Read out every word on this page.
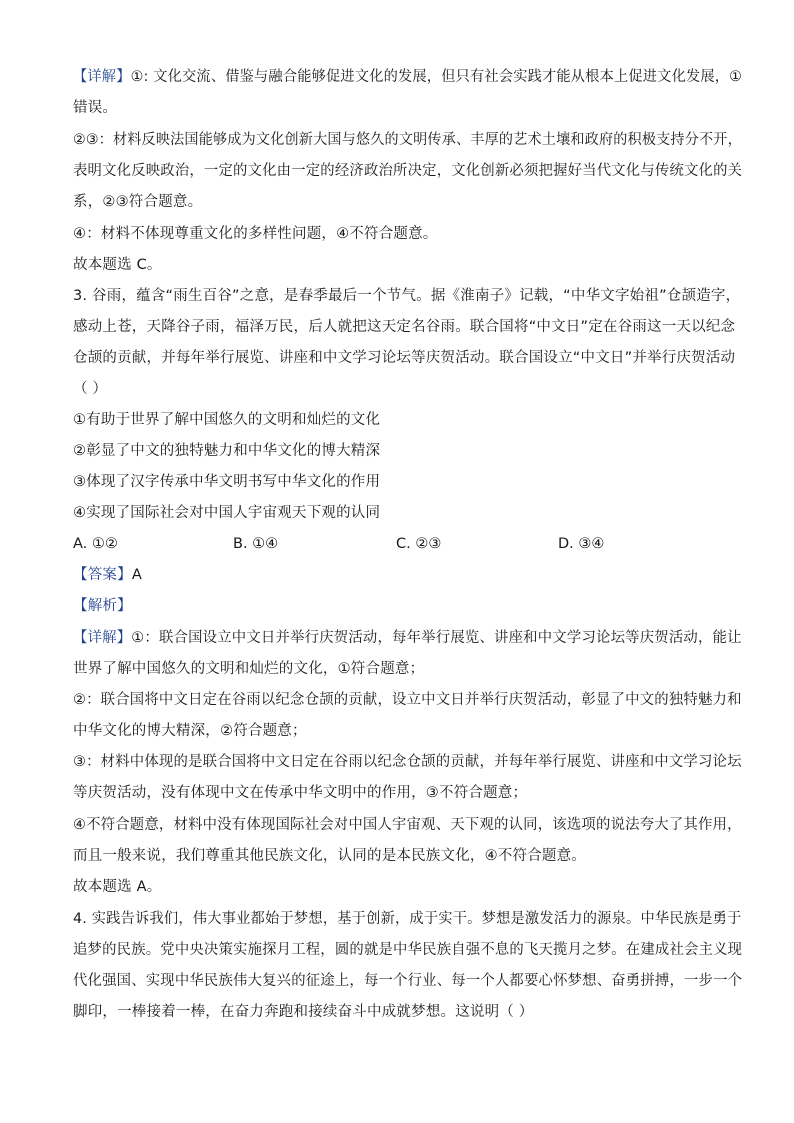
【详解】①: 文化交流、借鉴与融合能够促进文化的发展，但只有社会实践才能从根本上促进文化发展，①
错误。
②③：材料反映法国能够成为文化创新大国与悠久的文明传承、丰厚的艺术土壤和政府的积极支持分不开，
表明文化反映政治，一定的文化由一定的经济政治所决定，文化创新必须把握好当代文化与传统文化的关
系，②③符合题意。
④：材料不体现尊重文化的多样性问题，④不符合题意。
故本题选 C。
3. 谷雨，蕴含“雨生百谷”之意，是春季最后一个节气。据《淮南子》记载，“中华文字始祖”仓颉造字，
感动上苍，天降谷子雨，福泽万民，后人就把这天定名谷雨。联合国将“中文日”定在谷雨这一天以纪念
仓颉的贡献，并每年举行展览、讲座和中文学习论坛等庆贺活动。联合国设立“中文日”并举行庆贺活动
（ ）
①有助于世界了解中国悠久的文明和灿烂的文化
②彰显了中文的独特魅力和中华文化的博大精深
③体现了汉字传承中华文明书写中华文化的作用
④实现了国际社会对中国人宇宙观天下观的认同
A. ①②	B. ①④	C. ②③	D. ③④
【答案】A
【解析】
【详解】①：联合国设立中文日并举行庆贺活动，每年举行展览、讲座和中文学习论坛等庆贺活动，能让
世界了解中国悠久的文明和灿烂的文化，①符合题意；
②：联合国将中文日定在谷雨以纪念仓颉的贡献，设立中文日并举行庆贺活动，彰显了中文的独特魅力和
中华文化的博大精深，②符合题意；
③：材料中体现的是联合国将中文日定在谷雨以纪念仓颉的贡献，并每年举行展览、讲座和中文学习论坛
等庆贺活动，没有体现中文在传承中华文明中的作用，③不符合题意；
④不符合题意，材料中没有体现国际社会对中国人宇宙观、天下观的认同，该选项的说法夸大了其作用，
而且一般来说，我们尊重其他民族文化，认同的是本民族文化，④不符合题意。
故本题选 A。
4. 实践告诉我们，伟大事业都始于梦想，基于创新，成于实干。梦想是激发活力的源泉。中华民族是勇于
追梦的民族。党中央决策实施探月工程，圆的就是中华民族自强不息的飞天揽月之梦。在建成社会主义现
代化强国、实现中华民族伟大复兴的征途上，每一个行业、每一个人都要心怀梦想、奋勇拼搏，一步一个
脚印，一棒接着一棒，在奋力奔跑和接续奋斗中成就梦想。这说明（ ）
